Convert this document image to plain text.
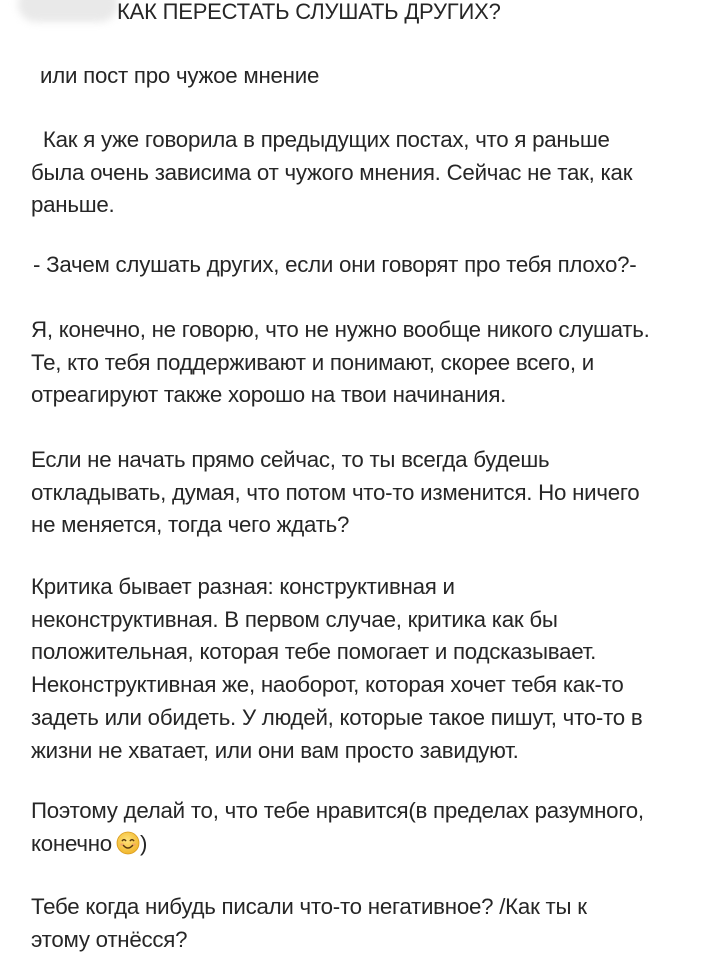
КАК ПЕРЕСТАТЬ СЛУШАТЬ ДРУГИХ?

или пост про чужое мнение

Как я уже говорила в предыдущих постах, что я раньше
была очень зависима от чужого мнения. Сейчас не так, как
раньше.

- Зачем слушать других, если они говорят про тебя плохо?-

Я, конечно, не говорю, что не нужно вообще никого слушать.
Те, кто тебя поддерживают и понимают, скорее всего, и
отреагируют также хорошо на твои начинания.

Если не начать прямо сейчас, то ты всегда будешь
откладывать, думая, что потом что-то изменится. Но ничего
не меняется, тогда чего ждать?

Критика бывает разная: конструктивная и
неконструктивная. В первом случае, критика как бы
положительная, которая тебе помогает и подсказывает.
Неконструктивная же, наоборот, которая хочет тебя как-то
задеть или обидеть. У людей, которые такое пишут, что-то в
жизни не хватает, или они вам просто завидуют.

Поэтому делай то, что тебе нравится(в пределах разумного,
конечно )

Тебе когда нибудь писали что-то негативное? /Как ты к
этому отнёсся?
